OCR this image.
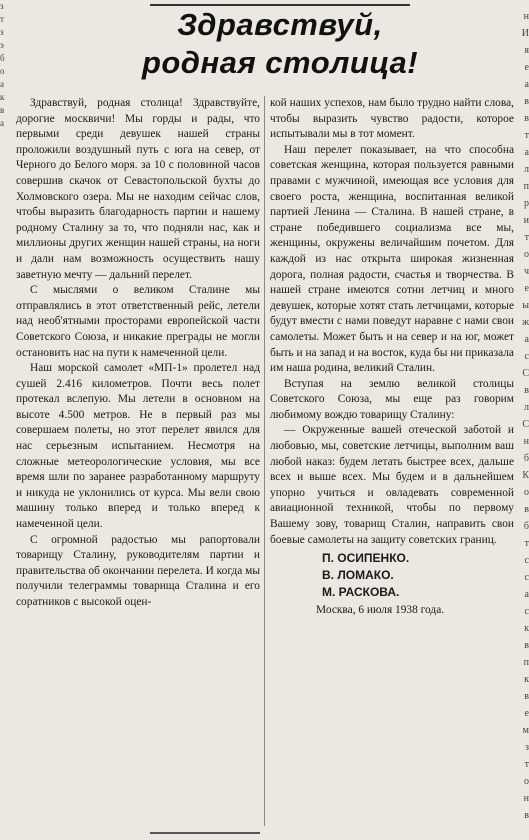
з
т
з
э
б
о
а
к
в
а
н
И
я
е
а
в
в
т
а
л
п
р
и
т
о
ч
е
ы
ж
а
с
С
в
л
С
н
б
К
о
в
б
т
с
с
а
с
к
в
п
к
в
е
м
з
т
о
н
в
Здравствуй,
родная столица!

Здравствуй, родная столица! Здравствуйте, дорогие москвичи! Мы горды и рады, что первыми среди девушек нашей страны проложили воздушный путь с юга на север, от Черного до Белого моря. за 10 с половиной часов совершив скачок от Севастопольской бухты до Холмовского озера. Мы не находим сейчас слов, чтобы выразить благодарность партии и нашему родному Сталину за то, что подняли нас, как и миллионы других женщин нашей страны, на ноги и дали нам возможность осуществить нашу заветную мечту — дальний перелет.

С мыслями о великом Сталине мы отправлялись в этот ответственный рейс, летели над необ'ятными просторами европейской части Советского Союза, и никакие преграды не могли остановить нас на пути к намеченной цели.

Наш морской самолет «МП-1» пролетел над сушей 2.416 километров. Почти весь полет протекал вслепую. Мы летели в основном на высоте 4.500 метров. Не в первый раз мы совершаем полеты, но этот перелет явился для нас серьезным испытанием. Несмотря на сложные метеорологические условия, мы все время шли по заранее разработанному маршруту и никуда не уклонились от курса. Мы вели свою машину только вперед и только вперед к намеченной цели.

С огромной радостью мы рапортовали товарищу Сталину, руководителям партии и правительства об окончании перелета. И когда мы получили телеграммы товарища Сталина и его соратников с высокой оцен-

кой наших успехов, нам было трудно найти слова, чтобы выразить чувство радости, которое испытывали мы в тот момент.

Наш перелет показывает, на что способна советская женщина, которая пользуется равными правами с мужчиной, имеющая все условия для своего роста, женщина, воспитанная великой партией Ленина — Сталина. В нашей стране, в стране победившего социализма все мы, женщины, окружены величайшим почетом. Для каждой из нас открыта широкая жизненная дорога, полная радости, счастья и творчества. В нашей стране имеются сотни летчиц и много девушек, которые хотят стать летчицами, которые будут вмести с нами поведут наравне с нами свои самолеты. Может быть и на север и на юг, может быть и на запад и на восток, куда бы ни приказала им наша родина, великий Сталин.

Вступая на землю великой столицы Советского Союза, мы еще раз говорим любимому вождю товарищу Сталину:

— Окруженные вашей отеческой заботой и любовью, мы, советские летчицы, выполним ваш любой наказ: будем летать быстрее всех, дальше всех и выше всех. Мы будем и в дальнейшем упорно учиться и овладевать современной авиационной техникой, чтобы по первому Вашему зову, товарищ Сталин, направить свои боевые самолеты на защиту советских границ.

П. ОСИПЕНКО.
В. ЛОМАКО.
М. РАСКОВА.
Москва, 6 июля 1938 года.
